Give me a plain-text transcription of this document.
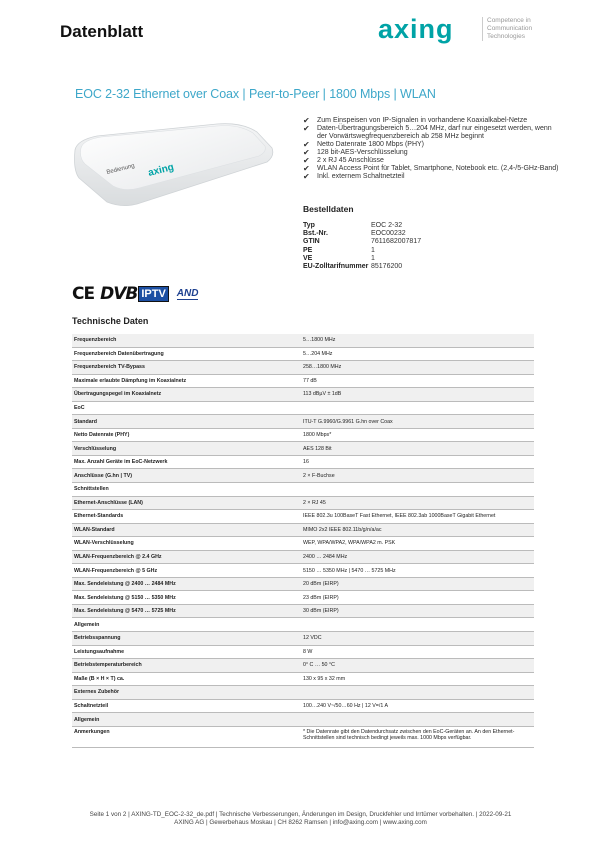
Datenblatt	axing	Competence in
Communication
Technologies
EOC 2-32 Ethernet over Coax | Peer-to-Peer | 1800 Mbps | WLAN
Bedienung axing
✔ Zum Einspeisen von IP-Signalen in vorhandene Koaxialkabel-Netze
✔ Daten-Übertragungsbereich 5…204 MHz, darf nur eingesetzt werden, wenn der Vorwärtswegfrequenzbereich ab 258 MHz beginnt
✔ Netto Datenrate 1800 Mbps (PHY)
✔ 128 bit-AES-Verschlüsselung
✔ 2 x RJ 45 Anschlüsse
✔ WLAN Access Point für Tablet, Smartphone, Notebook etc. (2,4-/5-GHz-Band)
✔ Inkl. externem Schaltnetzteil
Bestelldaten
Typ	EOC 2-32
Bst.-Nr.	EOC00232
GTIN	7611682007817
PE	1
VE	1
EU-Zolltarifnummer 85176200
CE DVB IPTV	AND
Technische Daten
Frequenzbereich	5…1800 MHz
Frequenzbereich Datenübertragung	5…204 MHz
Frequenzbereich TV-Bypass	258…1800 MHz
Maximale erlaubte Dämpfung im Koaxialnetz	77 dB
Übertragungspegel im Koaxialnetz	113 dBµV ± 1dB
EoC	
Standard	ITU-T G.9960/G.9961 G.hn over Coax
Netto Datenrate (PHY)	1800 Mbps*
Verschlüsselung	AES 128 Bit
Max. Anzahl Geräte im EoC-Netzwerk	16
Anschlüsse (G.hn | TV)	2 × F-Buchse
Schnittstellen	
Ethernet-Anschlüsse (LAN)	2 × RJ 45
Ethernet-Standards	IEEE 802.3u 100BaseT Fast Ethernet, IEEE 802.3ab 1000BaseT Gigabit Ethernet
WLAN-Standard	MIMO 2x2 IEEE 802.11b/g/n/a/ac
WLAN-Verschlüsselung	WEP, WPA/WPA2, WPA/WPA2 m. PSK
WLAN-Frequenzbereich @ 2.4 GHz	2400 … 2484 MHz
WLAN-Frequenzbereich @ 5 GHz	5150 … 5350 MHz | 5470 … 5725 MHz
Max. Sendeleistung @ 2400 … 2484 MHz	20 dBm (EIRP)
Max. Sendeleistung @ 5150 … 5350 MHz	23 dBm (EIRP)
Max. Sendeleistung @ 5470 … 5725 MHz	30 dBm (EIRP)
Allgemein	
Betriebsspannung	12 VDC
Leistungsaufnahme	8 W
Betriebstemperaturbereich	0° C … 50 °C
Maße (B × H × T) ca.	130 x 95 x 32 mm
Externes Zubehör	
Schaltnetzteil	100…240 V~/50…60 Hz | 12 V=/1 A
Allgemein	
Anmerkungen	* Die Datenrate gibt den Datendurchsatz zwischen den EoC-Geräten an. An den Ethernet-Schnittstellen sind technisch bedingt jeweils max. 1000 Mbps verfügbar.
Seite 1 von 2 | AXING-TD_EOC-2-32_de.pdf | Technische Verbesserungen, Änderungen im Design, Druckfehler und Irrtümer vorbehalten. | 2022-09-21
AXING AG | Gewerbehaus Moskau | CH 8262 Ramsen | info@axing.com | www.axing.com
